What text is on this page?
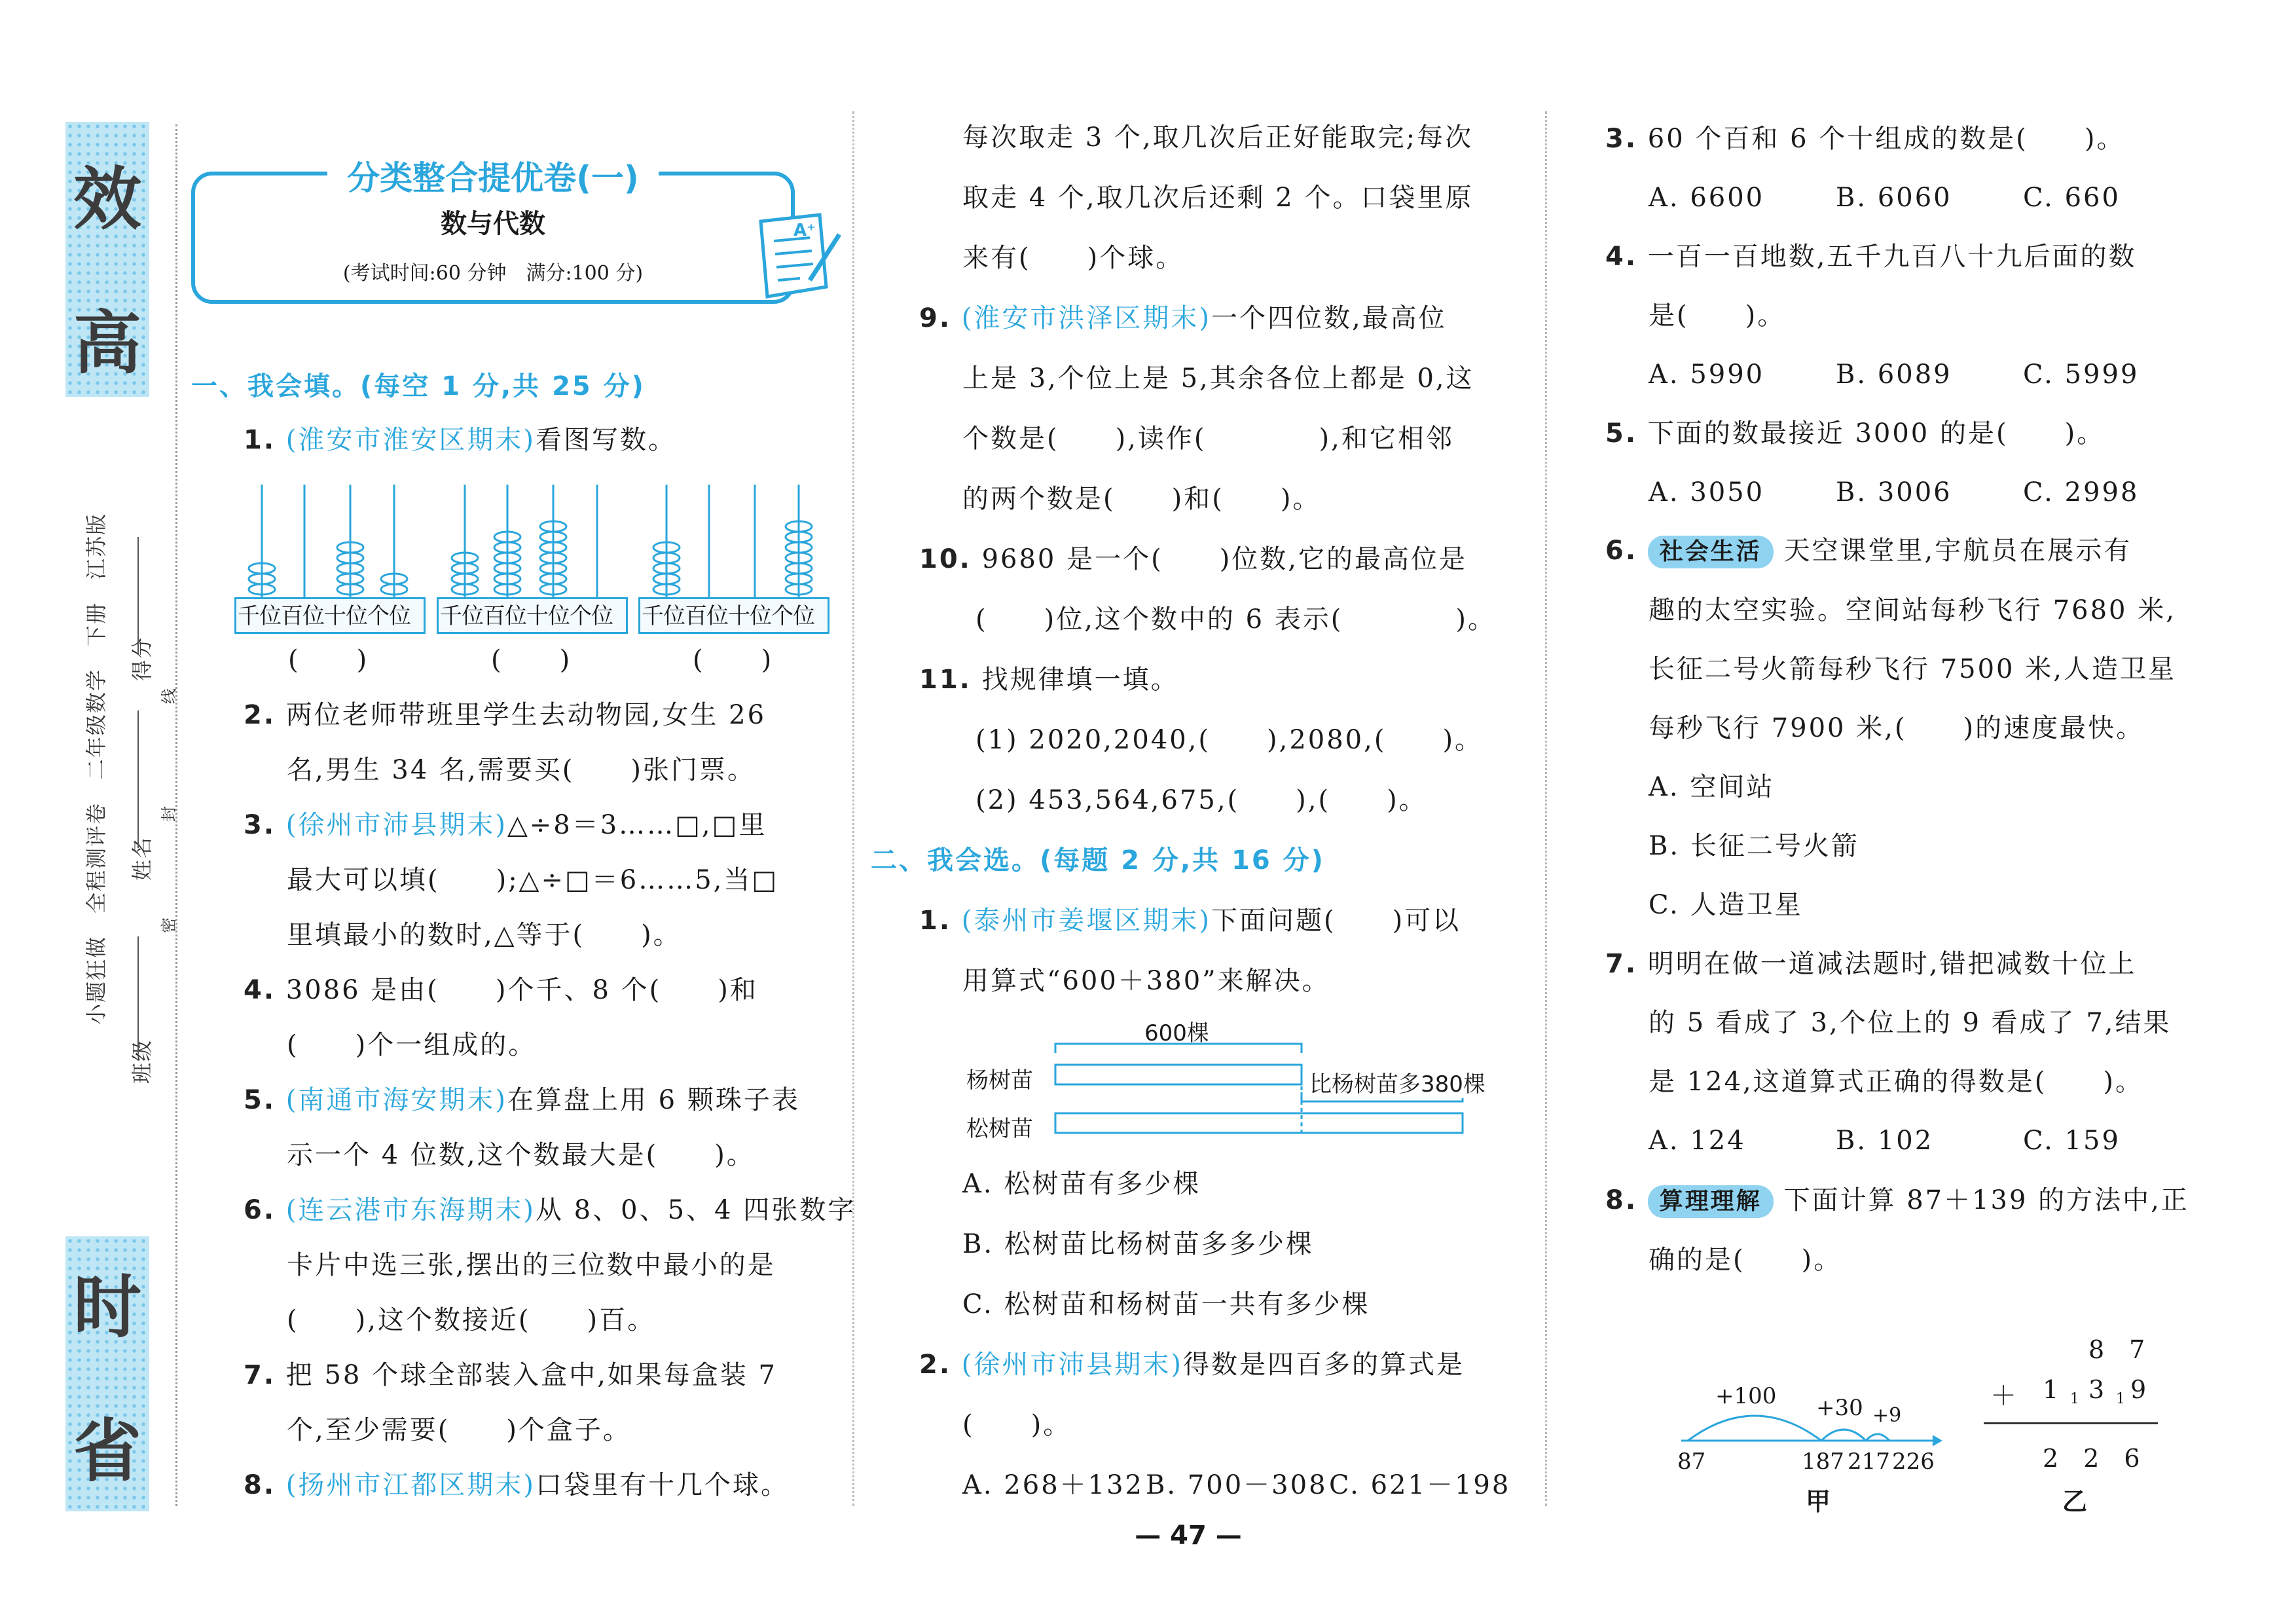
效
高
时
省
小题狂做　全程测评卷　二年级数学　下册　江苏版
班级
姓名
得分
线
封
密
分类整合提优卷(一)
数与代数
(考试时间:60 分钟　满分:100 分)
A⁺
一、我会填。(每空 1 分,共 25 分)
1. (淮安市淮安区期末)看图写数。
千位百位十位个位	千位百位十位个位	千位百位十位个位
(　　)	(　　)	(　　)
2. 两位老师带班里学生去动物园,女生 26
名,男生 34 名,需要买(　　)张门票。
3. (徐州市沛县期末)△÷8＝3……□,□里
最大可以填(　　);△÷□＝6……5,当□
里填最小的数时,△等于(　　)。
4. 3086 是由(　　)个千、8 个(　　)和
(　　)个一组成的。
5. (南通市海安期末)在算盘上用 6 颗珠子表
示一个 4 位数,这个数最大是(　　)。
6. (连云港市东海期末)从 8、0、5、4 四张数字
卡片中选三张,摆出的三位数中最小的是
(　　),这个数接近(　　)百。
7. 把 58 个球全部装入盒中,如果每盒装 7
个,至少需要(　　)个盒子。
8. (扬州市江都区期末)口袋里有十几个球。
每次取走 3 个,取几次后正好能取完;每次
取走 4 个,取几次后还剩 2 个。口袋里原
来有(　　)个球。
9. (淮安市洪泽区期末)一个四位数,最高位
上是 3,个位上是 5,其余各位上都是 0,这
个数是(　　),读作(　　　　),和它相邻
的两个数是(　　)和(　　)。
10. 9680 是一个(　　)位数,它的最高位是
(　　)位,这个数中的 6 表示(　　　　)。
11. 找规律填一填。
(1) 2020,2040,(　　),2080,(　　)。
(2) 453,564,675,(　　),(　　)。
二、我会选。(每题 2 分,共 16 分)
1. (泰州市姜堰区期末)下面问题(　　)可以
用算式“600＋380”来解决。
600棵
杨树苗
松树苗
比杨树苗多380棵
A. 松树苗有多少棵
B. 松树苗比杨树苗多多少棵
C. 松树苗和杨树苗一共有多少棵
2. (徐州市沛县期末)得数是四百多的算式是
(　　)。
A. 268＋132 B. 700－308 C. 621－198
3. 60 个百和 6 个十组成的数是(　　)。
A. 6600	B. 6060	C. 660
4. 一百一百地数,五千九百八十九后面的数
是(　　)。
A. 5990	B. 6089	C. 5999
5. 下面的数最接近 3000 的是(　　)。
A. 3050	B. 3006	C. 2998
6. 社会生活 天空课堂里,宇航员在展示有
趣的太空实验。空间站每秒飞行 7680 米,
长征二号火箭每秒飞行 7500 米,人造卫星
每秒飞行 7900 米,(　　)的速度最快。
A. 空间站
B. 长征二号火箭
C. 人造卫星
7. 明明在做一道减法题时,错把减数十位上
的 5 看成了 3,个位上的 9 看成了 7,结果
是 124,这道算式正确的得数是(　　)。
A. 124	B. 102	C. 159
8. 算理理解 下面计算 87＋139 的方法中,正
确的是(　　)。
+100 +30 +9
87	187 217 226
甲
8　7
＋ 1 1 3 1 9
2　2　6
乙
— 47 —
